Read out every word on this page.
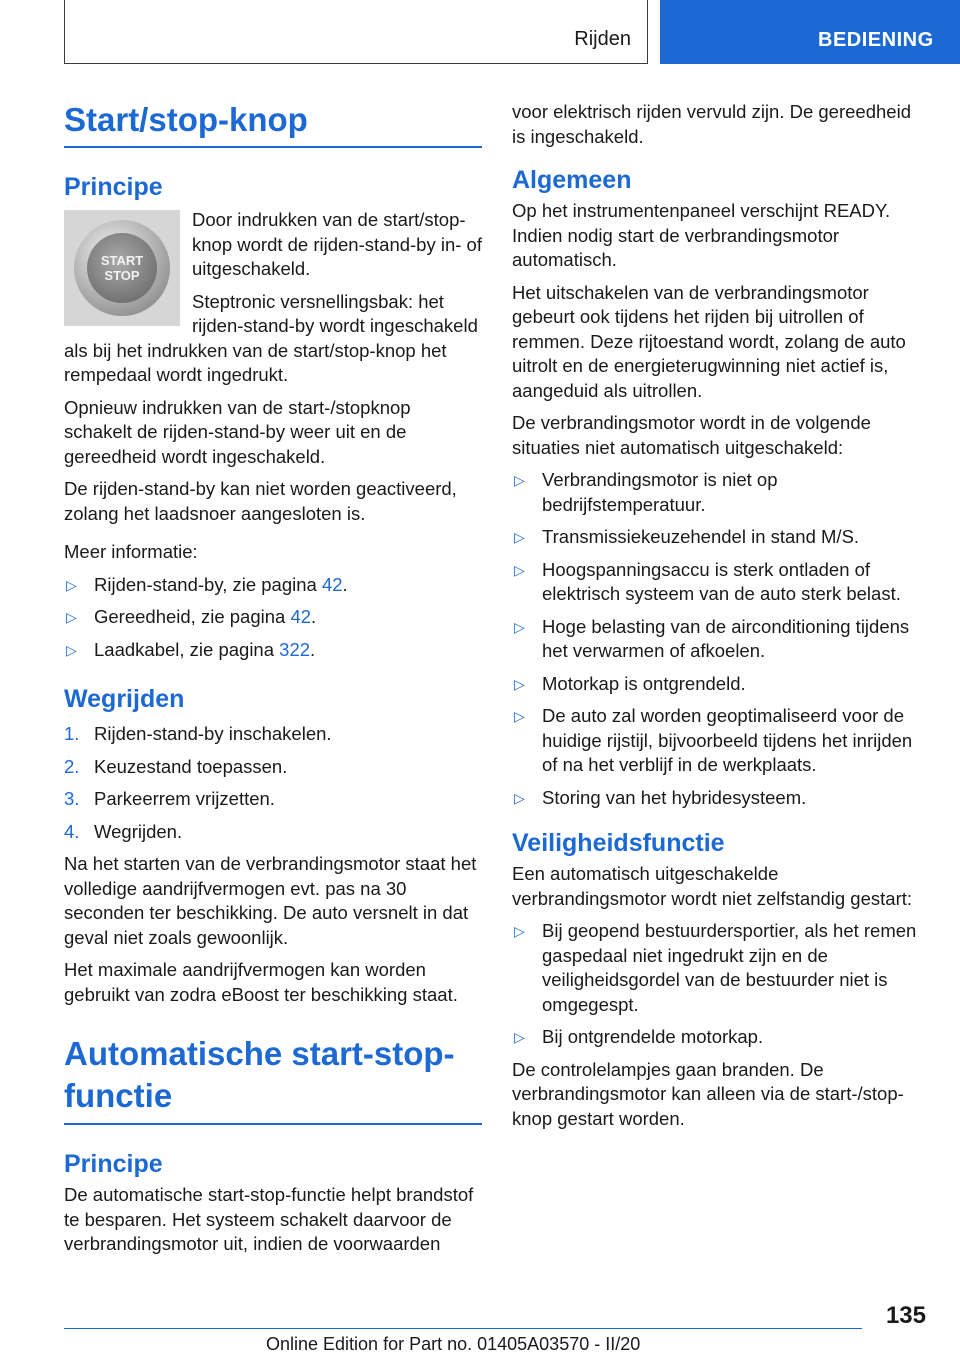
Rijden	BEDIENING
Start/stop-knop
Principe
START
STOP

Door indrukken van de start/stop-knop wordt de rijden-stand-by in- of uitgeschakeld.

Steptronic versnellingsbak: het rijden-stand-by wordt ingeschakeld als bij het indrukken van de start/stop-knop het rempedaal wordt ingedrukt.

Opnieuw indrukken van de start-/stopknop schakelt de rijden-stand-by weer uit en de gereedheid wordt ingeschakeld.

De rijden-stand-by kan niet worden geactiveerd, zolang het laadsnoer aangesloten is.

Meer informatie:

▷ Rijden-stand-by, zie pagina 42.
▷ Gereedheid, zie pagina 42.
▷ Laadkabel, zie pagina 322.
Wegrijden
1. Rijden-stand-by inschakelen.
2. Keuzestand toepassen.
3. Parkeerrem vrijzetten.
4. Wegrijden.

Na het starten van de verbrandingsmotor staat het volledige aandrijfvermogen evt. pas na 30 seconden ter beschikking. De auto versnelt in dat geval niet zoals gewoonlijk.

Het maximale aandrijfvermogen kan worden gebruikt van zodra eBoost ter beschikking staat.

Automatische start-stop-functie
Principe

De automatische start-stop-functie helpt brandstof te besparen. Het systeem schakelt daarvoor de verbrandingsmotor uit, indien de voorwaarden

voor elektrisch rijden vervuld zijn. De gereedheid is ingeschakeld.

Algemeen

Op het instrumentenpaneel verschijnt READY. Indien nodig start de verbrandingsmotor automatisch.

Het uitschakelen van de verbrandingsmotor gebeurt ook tijdens het rijden bij uitrollen of remmen. Deze rijtoestand wordt, zolang de auto uitrolt en de energieterugwinning niet actief is, aangeduid als uitrollen.

De verbrandingsmotor wordt in de volgende situaties niet automatisch uitgeschakeld:

▷ Verbrandingsmotor is niet op bedrijfstemperatuur.
▷ Transmissiekeuzehendel in stand M/S.
▷ Hoogspanningsaccu is sterk ontladen of elektrisch systeem van de auto sterk belast.
▷ Hoge belasting van de airconditioning tijdens het verwarmen of afkoelen.
▷ Motorkap is ontgrendeld.
▷ De auto zal worden geoptimaliseerd voor de huidige rijstijl, bijvoorbeeld tijdens het inrijden of na het verblijf in de werkplaats.
▷ Storing van het hybridesysteem.
Veiligheidsfunctie

Een automatisch uitgeschakelde verbrandingsmotor wordt niet zelfstandig gestart:

▷ Bij geopend bestuurdersportier, als het remen gaspedaal niet ingedrukt zijn en de veiligheidsgordel van de bestuurder niet is omgegespt.
▷ Bij ontgrendelde motorkap.

De controlelampjes gaan branden. De verbrandingsmotor kan alleen via de start-/stop-knop gestart worden.

135
Online Edition for Part no. 01405A03570 - II/20
